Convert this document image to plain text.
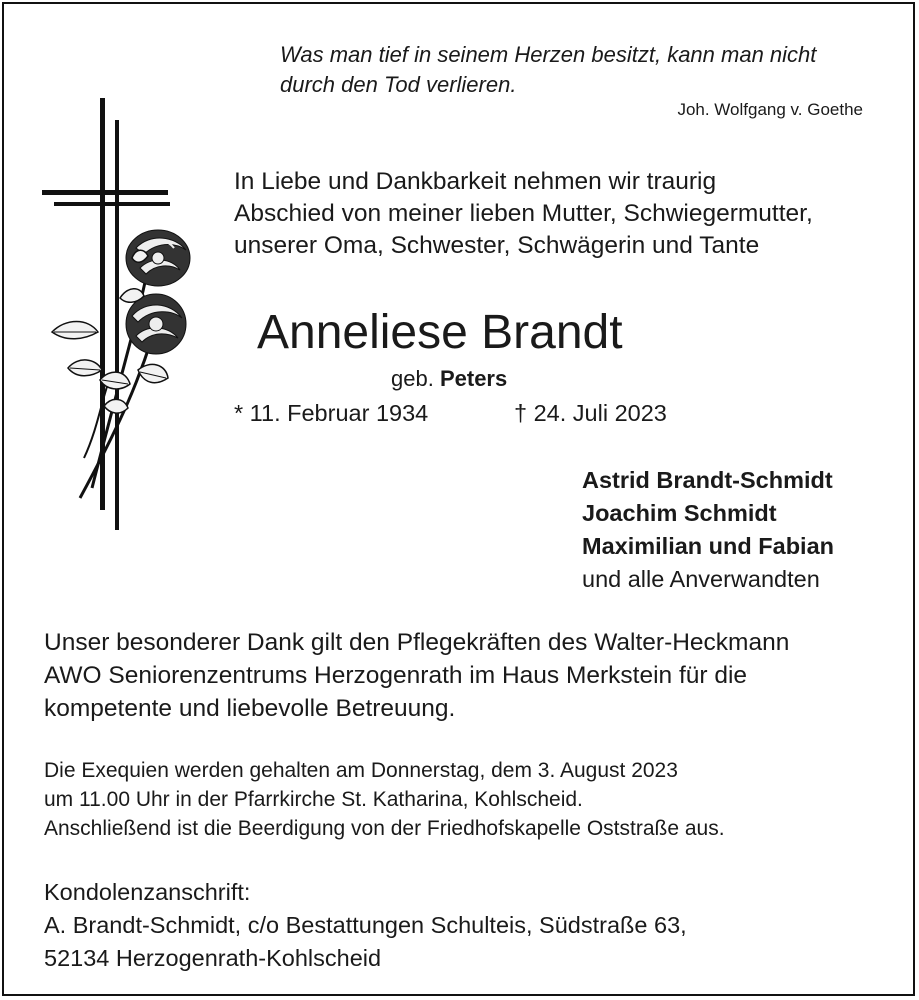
Was man tief in seinem Herzen besitzt, kann man nicht
durch den Tod verlieren.
Joh. Wolfgang v. Goethe
In Liebe und Dankbarkeit nehmen wir traurig
Abschied von meiner lieben Mutter, Schwiegermutter,
unserer Oma, Schwester, Schwägerin und Tante
Anneliese Brandt
geb. Peters
* 11. Februar 1934	† 24. Juli 2023
Astrid Brandt-Schmidt
Joachim Schmidt
Maximilian und Fabian
und alle Anverwandten
Unser besonderer Dank gilt den Pflegekräften des Walter-Heckmann
AWO Seniorenzentrums Herzogenrath im Haus Merkstein für die
kompetente und liebevolle Betreuung.
Die Exequien werden gehalten am Donnerstag, dem 3. August 2023
um 11.00 Uhr in der Pfarrkirche St. Katharina, Kohlscheid.
Anschließend ist die Beerdigung von der Friedhofskapelle Oststraße aus.
Kondolenzanschrift:
A. Brandt-Schmidt, c/o Bestattungen Schulteis, Südstraße 63,
52134 Herzogenrath-Kohlscheid
